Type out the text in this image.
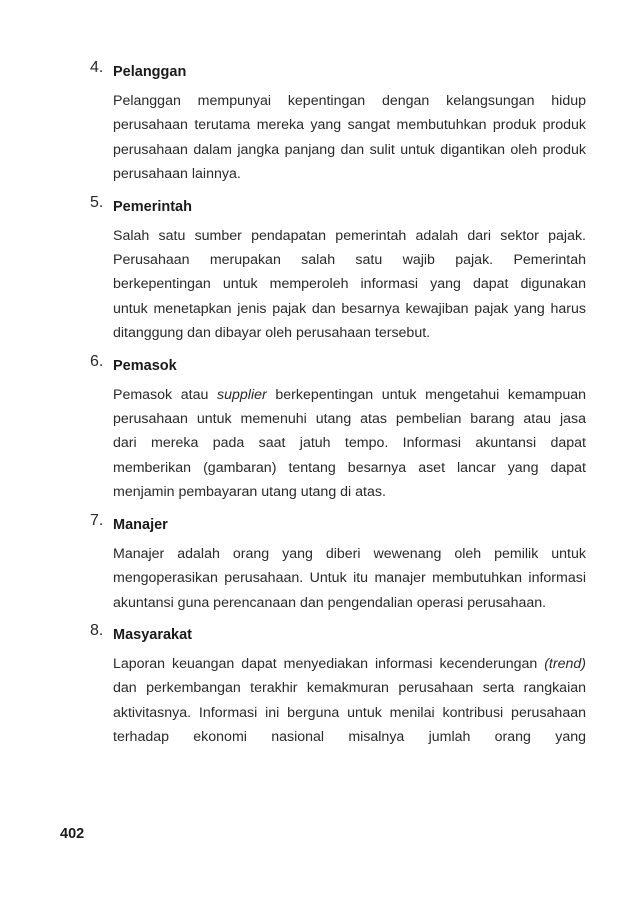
4. Pelanggan
Pelanggan mempunyai kepentingan dengan kelangsungan hidup
perusahaan terutama mereka yang sangat membutuhkan produk produk
perusahaan dalam jangka panjang dan sulit untuk digantikan oleh produk
perusahaan lainnya.
5. Pemerintah
Salah satu sumber pendapatan pemerintah adalah dari sektor pajak.
Perusahaan merupakan salah satu wajib pajak. Pemerintah
berkepentingan untuk memperoleh informasi yang dapat digunakan
untuk menetapkan jenis pajak dan besarnya kewajiban pajak yang harus
ditanggung dan dibayar oleh perusahaan tersebut.
6. Pemasok
Pemasok atau supplier berkepentingan untuk mengetahui kemampuan
perusahaan untuk memenuhi utang atas pembelian barang atau jasa
dari mereka pada saat jatuh tempo. Informasi akuntansi dapat
memberikan (gambaran) tentang besarnya aset lancar yang dapat
menjamin pembayaran utang utang di atas.
7. Manajer
Manajer adalah orang yang diberi wewenang oleh pemilik untuk
mengoperasikan perusahaan. Untuk itu manajer membutuhkan informasi
akuntansi guna perencanaan dan pengendalian operasi perusahaan.
8. Masyarakat
Laporan keuangan dapat menyediakan informasi kecenderungan (trend)
dan perkembangan terakhir kemakmuran perusahaan serta rangkaian
aktivitasnya. Informasi ini berguna untuk menilai kontribusi perusahaan
terhadap ekonomi nasional misalnya jumlah orang yang
402
